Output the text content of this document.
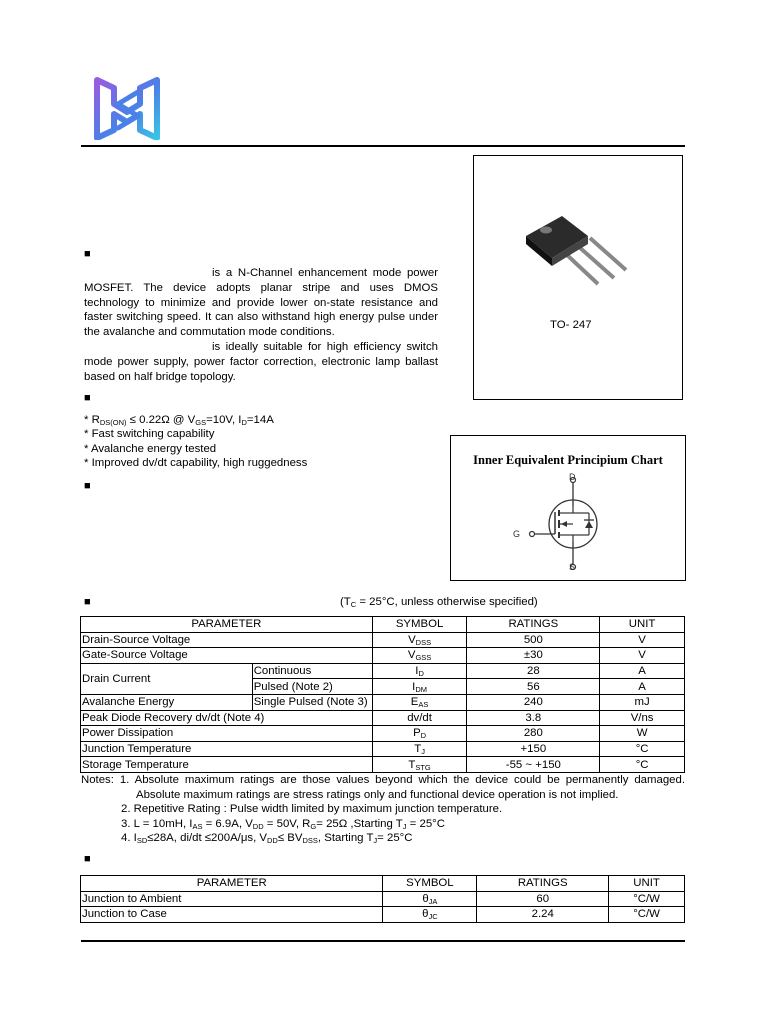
TO- 247
■

is a N-Channel enhancement mode power MOSFET. The device adopts planar stripe and uses DMOS technology to minimize and provide lower on-state resistance and faster switching speed. It can also withstand high energy pulse under the avalanche and commutation mode conditions.

is ideally suitable for high efficiency switch mode power supply, power factor correction, electronic lamp ballast based on half bridge topology.

■
* $R_{DS(ON)} \le 0.22\Omega$ @ $V_{GS}=10V$, $I_D=14A$
* Fast switching capability
* Avalanche energy tested
* Improved dv/dt capability, high ruggedness
■
Inner Equivalent Principium Chart
D
G
S
■	($T_C = 25^\circ C$, unless otherwise specified)
PARAMETER		SYMBOL	RATINGS	UNIT
Drain-Source Voltage		$V_{DSS}$	500	V
Gate-Source Voltage		$V_{GSS}$	±30	V
Drain Current	Continuous	$I_D$	28	A
	Pulsed (Note 2)	$I_{DM}$	56	A
Avalanche Energy	Single Pulsed (Note 3)	$E_{AS}$	240	mJ
Peak Diode Recovery dv/dt (Note 4)		dv/dt	3.8	V/ns
Power Dissipation		$P_D$	280	W
Junction Temperature		$T_J$	+150	°C
Storage Temperature		$T_{STG}$	-55 ~ +150	°C
Notes: 1. Absolute maximum ratings are those values beyond which the device could be permanently damaged.
Absolute maximum ratings are stress ratings only and functional device operation is not implied.
2. Repetitive Rating : Pulse width limited by maximum junction temperature.
3. L = 10mH, $I_{AS} = 6.9A$, $V_{DD} = 50V$, $R_G= 25\Omega$ ,Starting $T_J = 25^\circ C$
4. $I_{SD}\le 28A$, di/dt ≤200A/μs, $V_{DD}\le BV_{DSS}$, Starting $T_J= 25^\circ C$
■
PARAMETER	SYMBOL	RATINGS	UNIT
Junction to Ambient	$\theta_{JA}$	60	°C/W
Junction to Case	$\theta_{JC}$	2.24	°C/W
